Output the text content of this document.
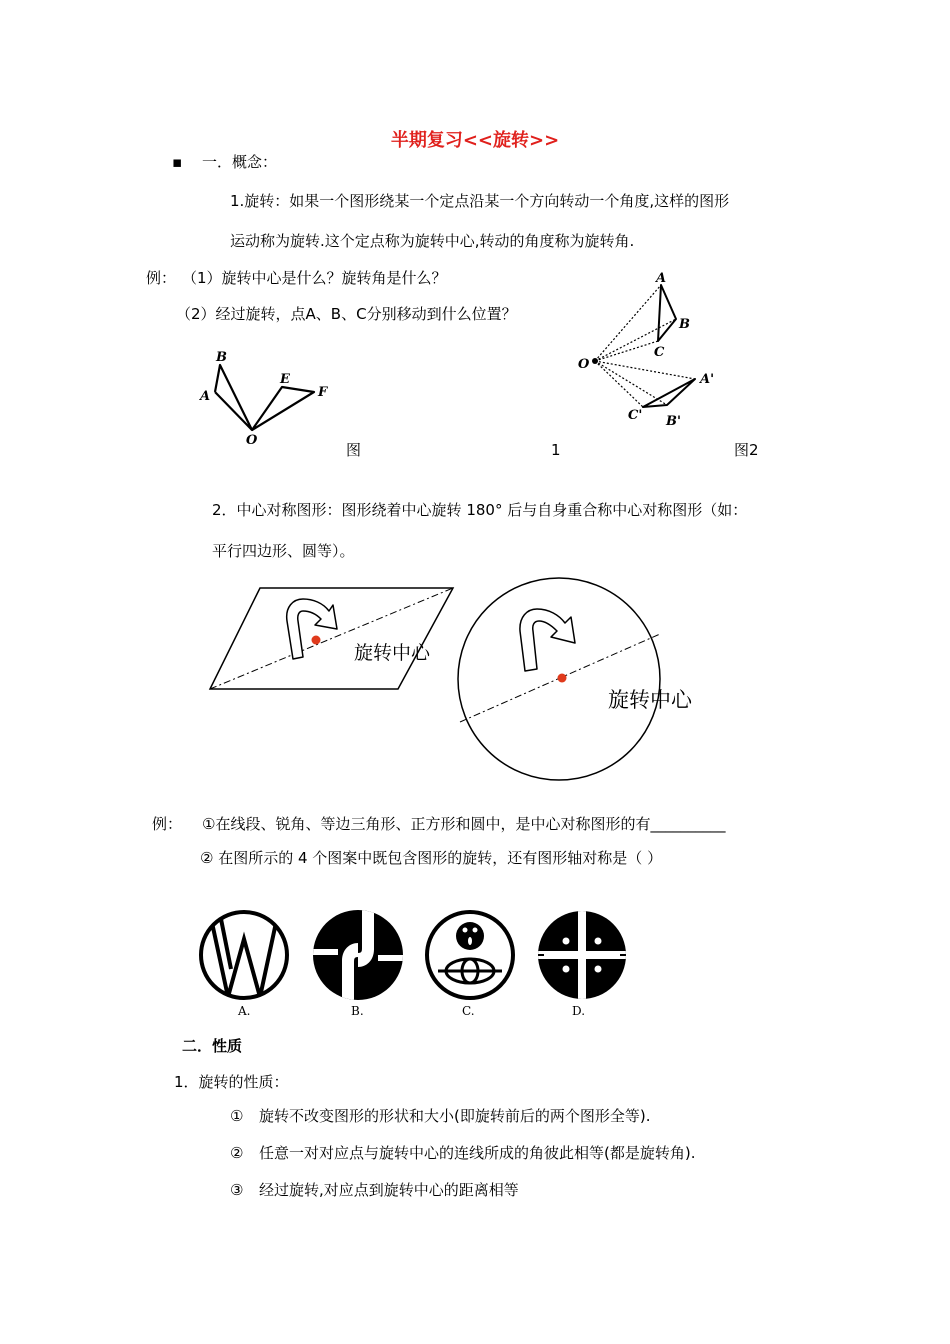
半期复习<<旋转>>
▪ 一．概念：
1.旋转：如果一个图形绕某一个定点沿某一个方向转动一个角度,这样的图形
运动称为旋转.这个定点称为旋转中心,转动的角度称为旋转角.
例： （1）旋转中心是什么？旋转角是什么？
（2）经过旋转，点A、B、C分别移动到什么位置？
B
A
E
F
O
A
B
C
O
A'
B'
C'
图	1	图2
2．中心对称图形：图形绕着中心旋转 180° 后与自身重合称中心对称图形（如：
平行四边形、圆等）。
旋转中心
旋转中心
例： ①在线段、锐角、等边三角形、正方形和圆中，是中心对称图形的有__________
② 在图所示的 4 个图案中既包含图形的旋转，还有图形轴对称是（ ）
A.	B.	C.	D.
二．性质
1．旋转的性质：
① 旋转不改变图形的形状和大小(即旋转前后的两个图形全等).
② 任意一对对应点与旋转中心的连线所成的角彼此相等(都是旋转角).
③ 经过旋转,对应点到旋转中心的距离相等
